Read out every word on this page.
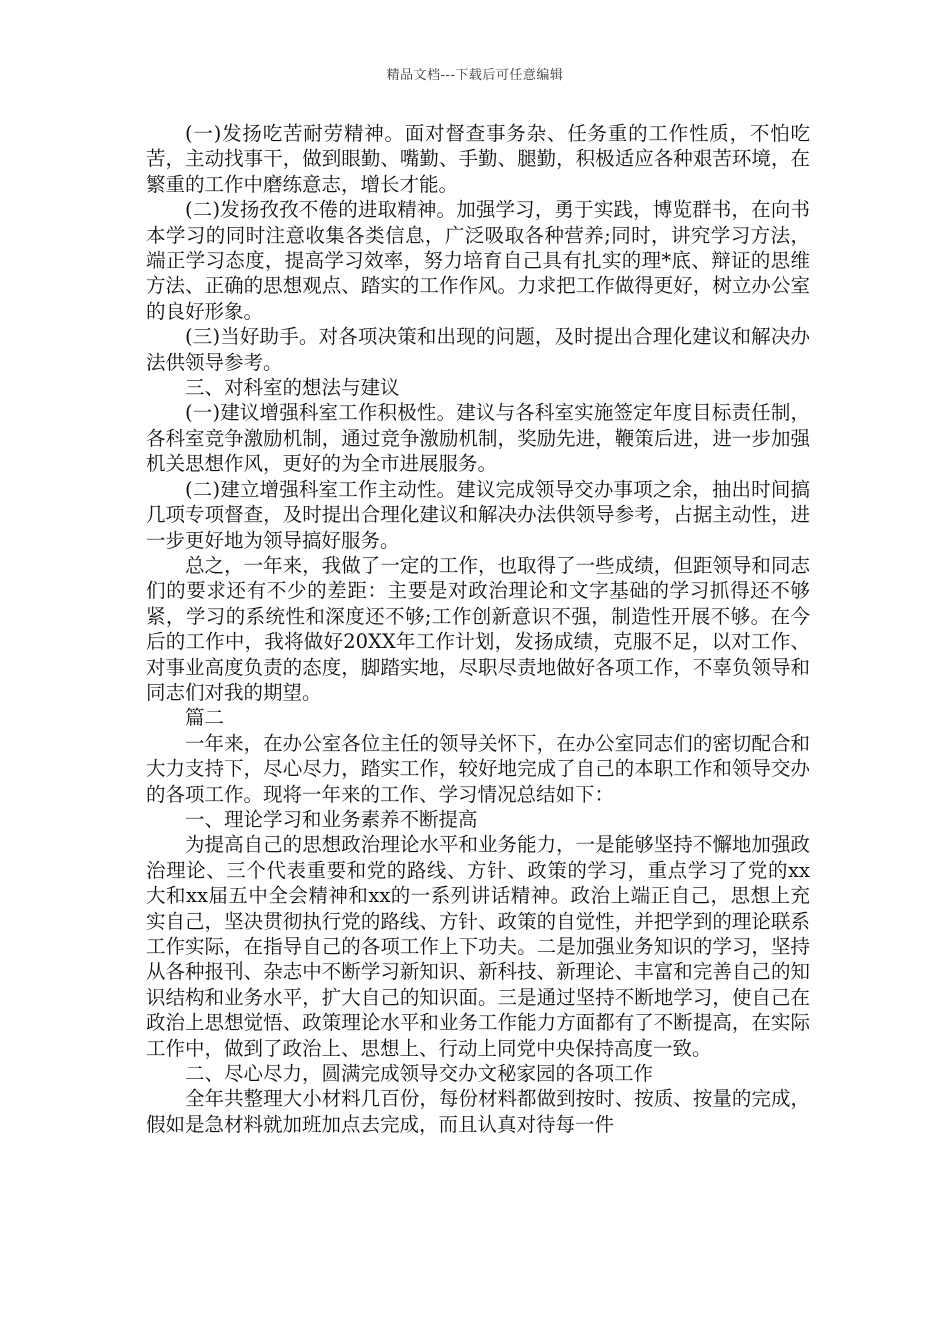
精品文档---下载后可任意编辑

(一)发扬吃苦耐劳精神。面对督查事务杂、任务重的工作性质，不怕吃苦，主动找事干，做到眼勤、嘴勤、手勤、腿勤，积极适应各种艰苦环境，在繁重的工作中磨练意志，增长才能。

(二)发扬孜孜不倦的进取精神。加强学习，勇于实践，博览群书，在向书本学习的同时注意收集各类信息，广泛吸取各种营养;同时，讲究学习方法，端正学习态度，提高学习效率，努力培育自己具有扎实的理*底、辩证的思维方法、正确的思想观点、踏实的工作作风。力求把工作做得更好，树立办公室的良好形象。

(三)当好助手。对各项决策和出现的问题，及时提出合理化建议和解决办法供领导参考。

三、对科室的想法与建议

(一)建议增强科室工作积极性。建议与各科室实施签定年度目标责任制，各科室竞争激励机制，通过竞争激励机制，奖励先进，鞭策后进，进一步加强机关思想作风，更好的为全市进展服务。

(二)建立增强科室工作主动性。建议完成领导交办事项之余，抽出时间搞几项专项督查，及时提出合理化建议和解决办法供领导参考，占据主动性，进一步更好地为领导搞好服务。

总之，一年来，我做了一定的工作，也取得了一些成绩，但距领导和同志们的要求还有不少的差距：主要是对政治理论和文字基础的学习抓得还不够紧，学习的系统性和深度还不够;工作创新意识不强，制造性开展不够。在今后的工作中，我将做好20XX年工作计划，发扬成绩，克服不足，以对工作、对事业高度负责的态度，脚踏实地，尽职尽责地做好各项工作，不辜负领导和同志们对我的期望。

篇二

一年来，在办公室各位主任的领导关怀下，在办公室同志们的密切配合和大力支持下，尽心尽力，踏实工作，较好地完成了自己的本职工作和领导交办的各项工作。现将一年来的工作、学习情况总结如下：

一、理论学习和业务素养不断提高

为提高自己的思想政治理论水平和业务能力，一是能够坚持不懈地加强政治理论、三个代表重要和党的路线、方针、政策的学习，重点学习了党的xx大和xx届五中全会精神和xx的一系列讲话精神。政治上端正自己，思想上充实自己，坚决贯彻执行党的路线、方针、政策的自觉性，并把学到的理论联系工作实际，在指导自己的各项工作上下功夫。二是加强业务知识的学习，坚持从各种报刊、杂志中不断学习新知识、新科技、新理论、丰富和完善自己的知识结构和业务水平，扩大自己的知识面。三是通过坚持不断地学习，使自己在政治上思想觉悟、政策理论水平和业务工作能力方面都有了不断提高，在实际工作中，做到了政治上、思想上、行动上同党中央保持高度一致。

二、尽心尽力，圆满完成领导交办文秘家园的各项工作

全年共整理大小材料几百份，每份材料都做到按时、按质、按量的完成，假如是急材料就加班加点去完成，而且认真对待每一件
